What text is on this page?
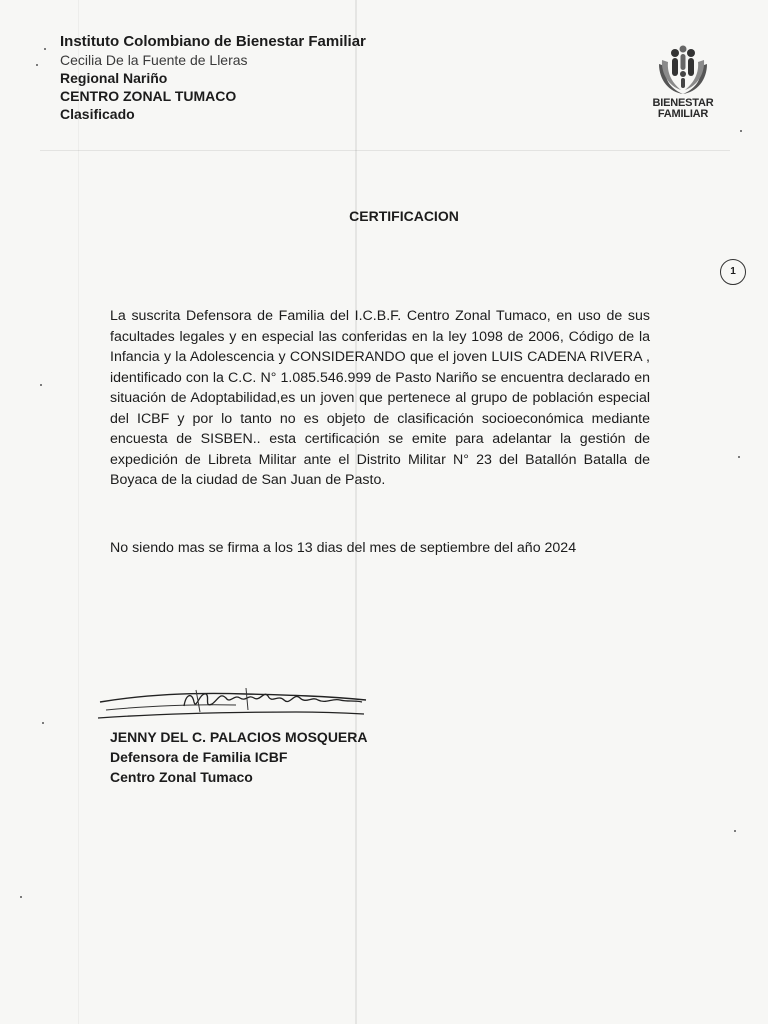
Instituto Colombiano de Bienestar Familiar
Cecilia De la Fuente de Lleras
Regional Nariño
CENTRO ZONAL TUMACO
Clasificado
BIENESTAR
FAMILIAR
CERTIFICACION
1
La suscrita Defensora de Familia del I.C.B.F. Centro Zonal Tumaco, en uso de sus facultades legales y en especial las conferidas en la ley 1098 de 2006, Código de la Infancia y la Adolescencia y CONSIDERANDO que el joven LUIS CADENA RIVERA , identificado con la C.C. N° 1.085.546.999 de Pasto Nariño se encuentra declarado en situación de Adoptabilidad,es un joven que pertenece al grupo de población especial del ICBF y por lo tanto no es objeto de clasificación socioeconómica mediante encuesta de SISBEN.. esta certificación se emite para adelantar la gestión de expedición de Libreta Militar ante el Distrito Militar N° 23 del Batallón Batalla de Boyaca de la ciudad de San Juan de Pasto.
No siendo mas se firma a los 13 dias del mes de septiembre del año 2024
JENNY DEL C. PALACIOS MOSQUERA
Defensora de Familia ICBF
Centro Zonal Tumaco
